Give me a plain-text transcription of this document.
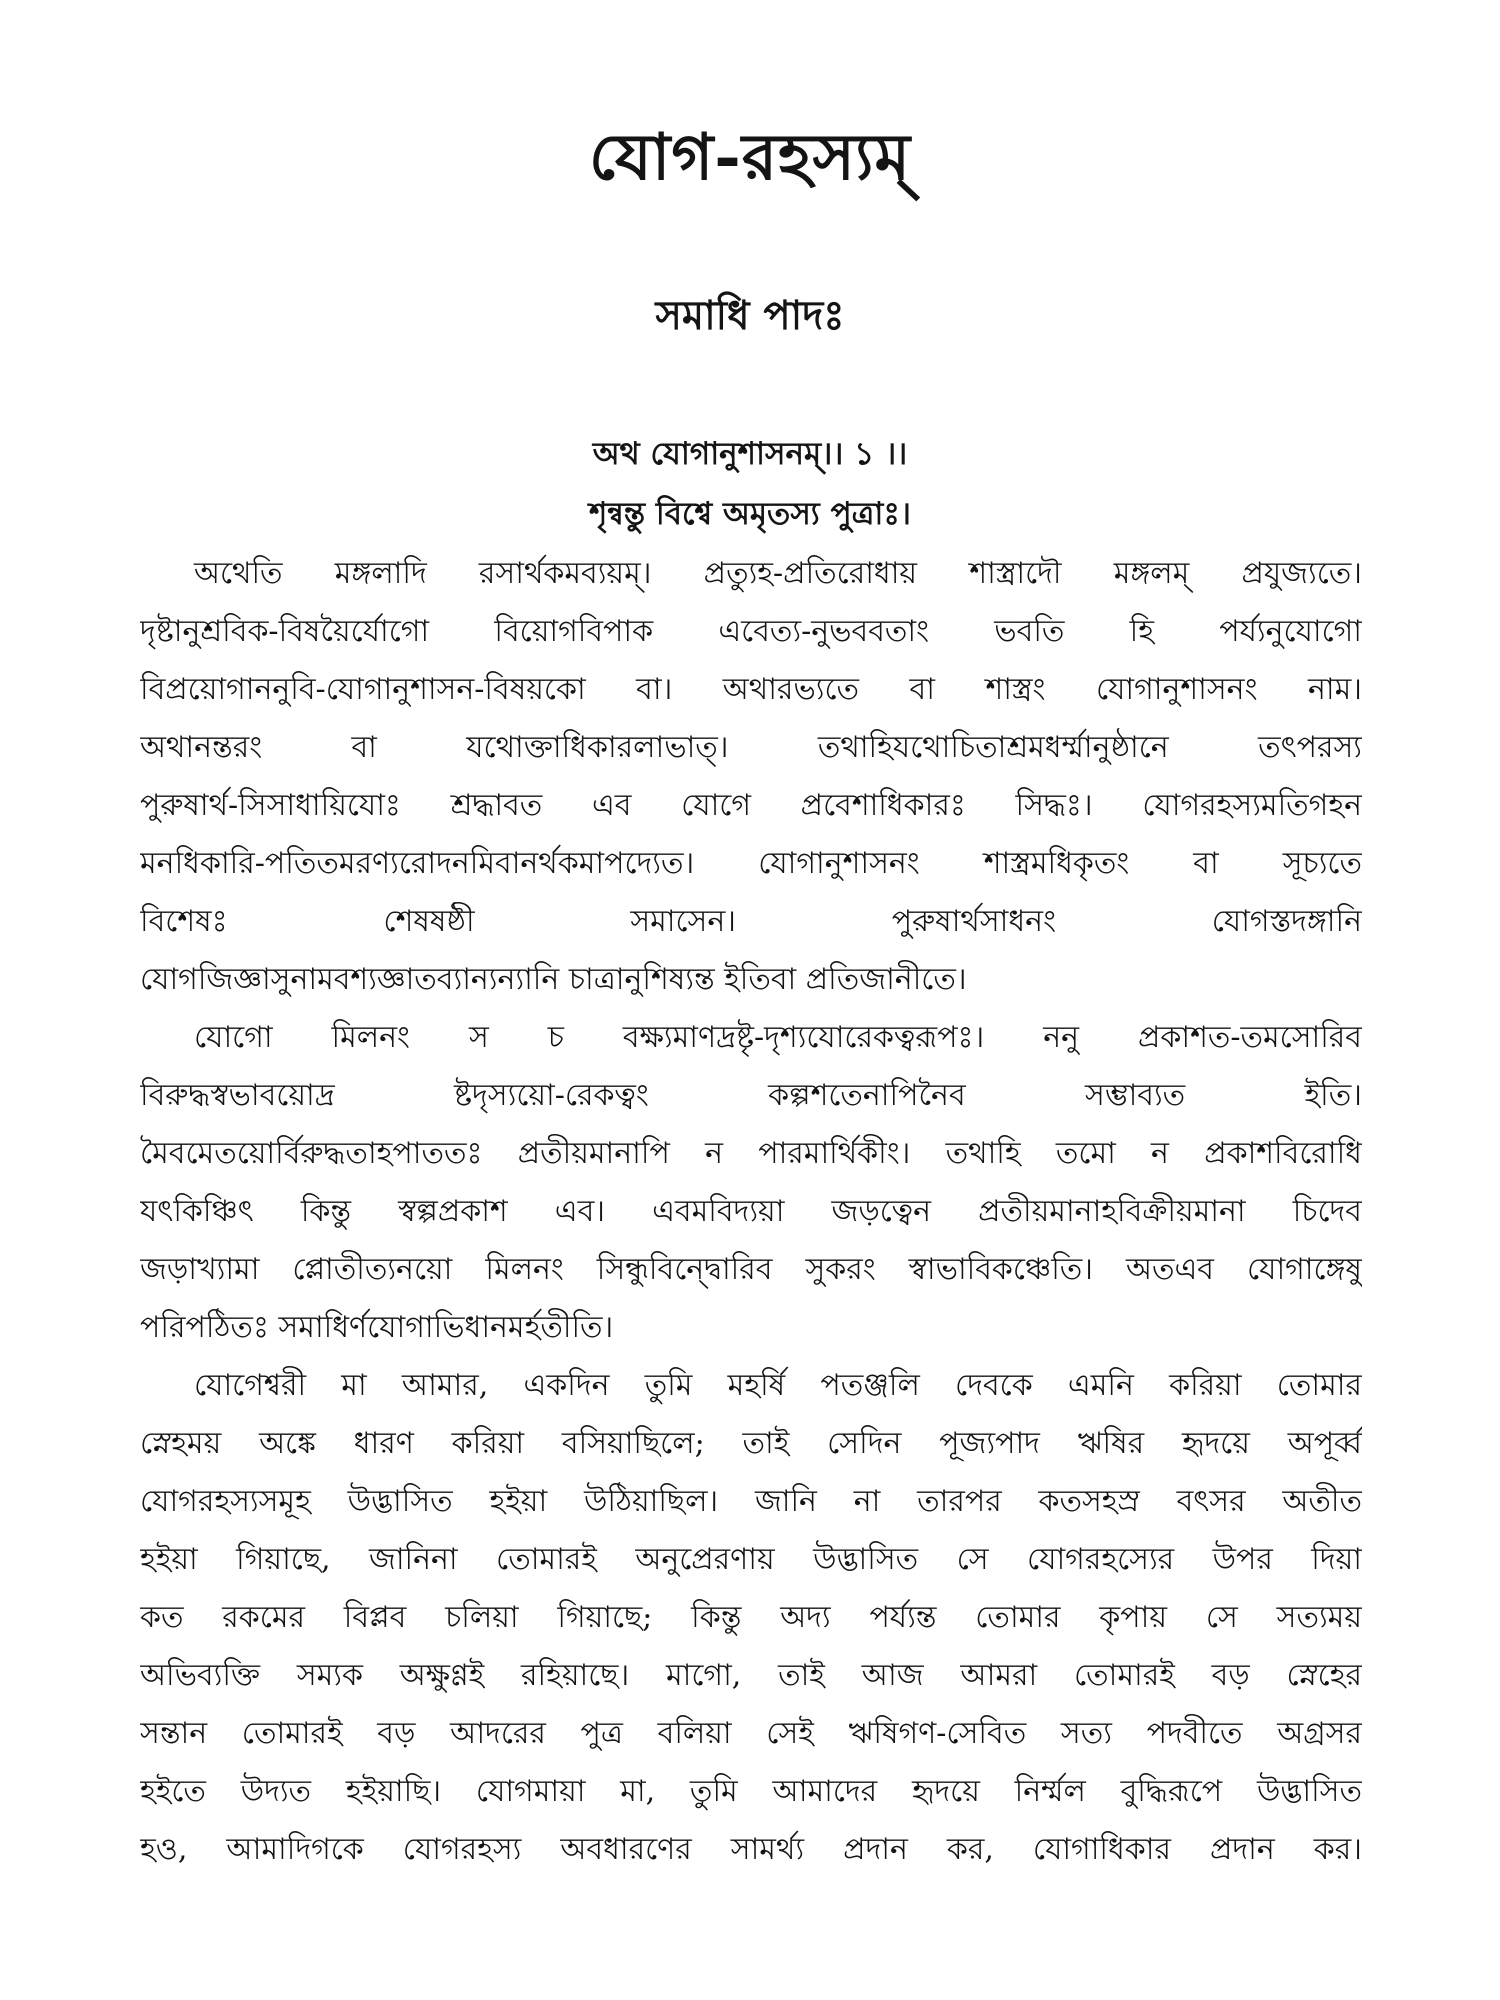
যোগ-রহস্যম্
সমাধি পাদঃ
অথ যোগানুশাসনম্।। ১ ।।
শৃন্বন্তু বিশ্বে অমৃতস্য পুত্রাঃ।
অথেতি মঙ্গলাদি রসার্থকমব্যয়ম্। প্রত্যুহ-প্রতিরোধায় শাস্ত্রাদৌ মঙ্গলম্ প্রযুজ্যতে।
দৃষ্টানুশ্রবিক-বিষয়ৈর্যোগো বিয়োগবিপাক এবেত্য-নুভববতাং ভবতি হি পর্য্যনুযোগো
বিপ্রয়োগাননুবি-যোগানুশাসন-বিষয়কো বা। অথারভ্যতে বা শাস্ত্রং যোগানুশাসনং নাম।
অথানন্তরং বা যথোক্তাধিকারলাভাত্। তথাহিযথোচিতাশ্রমধর্ম্মানুষ্ঠানে তৎপরস্য
পুরুষার্থ-সিসাধায়িযোঃ শ্রদ্ধাবত এব যোগে প্রবেশাধিকারঃ সিদ্ধঃ। যোগরহস্যমতিগহন
মনধিকারি-পতিতমরণ্যরোদনমিবানর্থকমাপদ্যেত। যোগানুশাসনং শাস্ত্রমধিকৃতং বা সূচ্যতে
বিশেষঃ শেষষষ্ঠী সমাসেন। পুরুষার্থসাধনং যোগস্তদঙ্গানি
যোগজিজ্ঞাসুনামবশ্যজ্ঞাতব্যান্যন্যানি চাত্রানুশিষ্যন্ত ইতিবা প্রতিজানীতে।
যোগো মিলনং স চ বক্ষ্যমাণদ্রষ্টৃ-দৃশ্যযোরেকত্বরূপঃ। ননু প্রকাশত-তমসোরিব
বিরুদ্ধস্বভাবয়োদ্র ষ্টদৃস্যয়ো-রেকত্বং কল্পশতেনাপিনৈব সম্ভাব্যত ইতি।
মৈবমেতয়োর্বিরুদ্ধতাহপাততঃ প্রতীয়মানাপি ন পারমার্থিকীং। তথাহি তমো ন প্রকাশবিরোধি
যৎকিঞ্চিৎ কিন্তু স্বল্পপ্রকাশ এব। এবমবিদ্যয়া জড়ত্বেন প্রতীয়মানাহবিক্রীয়মানা চিদেব
জড়াখ্যামা প্লোতীত্যনয়ো মিলনং সিন্ধুবিন্দ্বোরিব সুকরং স্বাভাবিকঞ্চেতি। অতএব যোগাঙ্গেষু
পরিপঠিতঃ সমাধির্ণযোগাভিধানমর্হতীতি।
যোগেশ্বরী মা আমার, একদিন তুমি মহর্ষি পতঞ্জলি দেবকে এমনি করিয়া তোমার
স্নেহময় অঙ্কে ধারণ করিয়া বসিয়াছিলে; তাই সেদিন পূজ্যপাদ ঋষির হৃদয়ে অপূর্ব্ব
যোগরহস্যসমূহ উদ্ভাসিত হইয়া উঠিয়াছিল। জানি না তারপর কতসহস্র বৎসর অতীত
হইয়া গিয়াছে, জানিনা তোমারই অনুপ্রেরণায় উদ্ভাসিত সে যোগরহস্যের উপর দিয়া
কত রকমের বিপ্লব চলিয়া গিয়াছে; কিন্তু অদ্য পর্য্যন্ত তোমার কৃপায় সে সত্যময়
অভিব্যক্তি সম্যক অক্ষুণ্ণই রহিয়াছে। মাগো, তাই আজ আমরা তোমারই বড় স্নেহের
সন্তান তোমারই বড় আদরের পুত্র বলিয়া সেই ঋষিগণ-সেবিত সত্য পদবীতে অগ্রসর
হইতে উদ্যত হইয়াছি। যোগমায়া মা, তুমি আমাদের হৃদয়ে নির্ম্মল বুদ্ধিরূপে উদ্ভাসিত
হও, আমাদিগকে যোগরহস্য অবধারণের সামর্থ্য প্রদান কর, যোগাধিকার প্রদান কর।
